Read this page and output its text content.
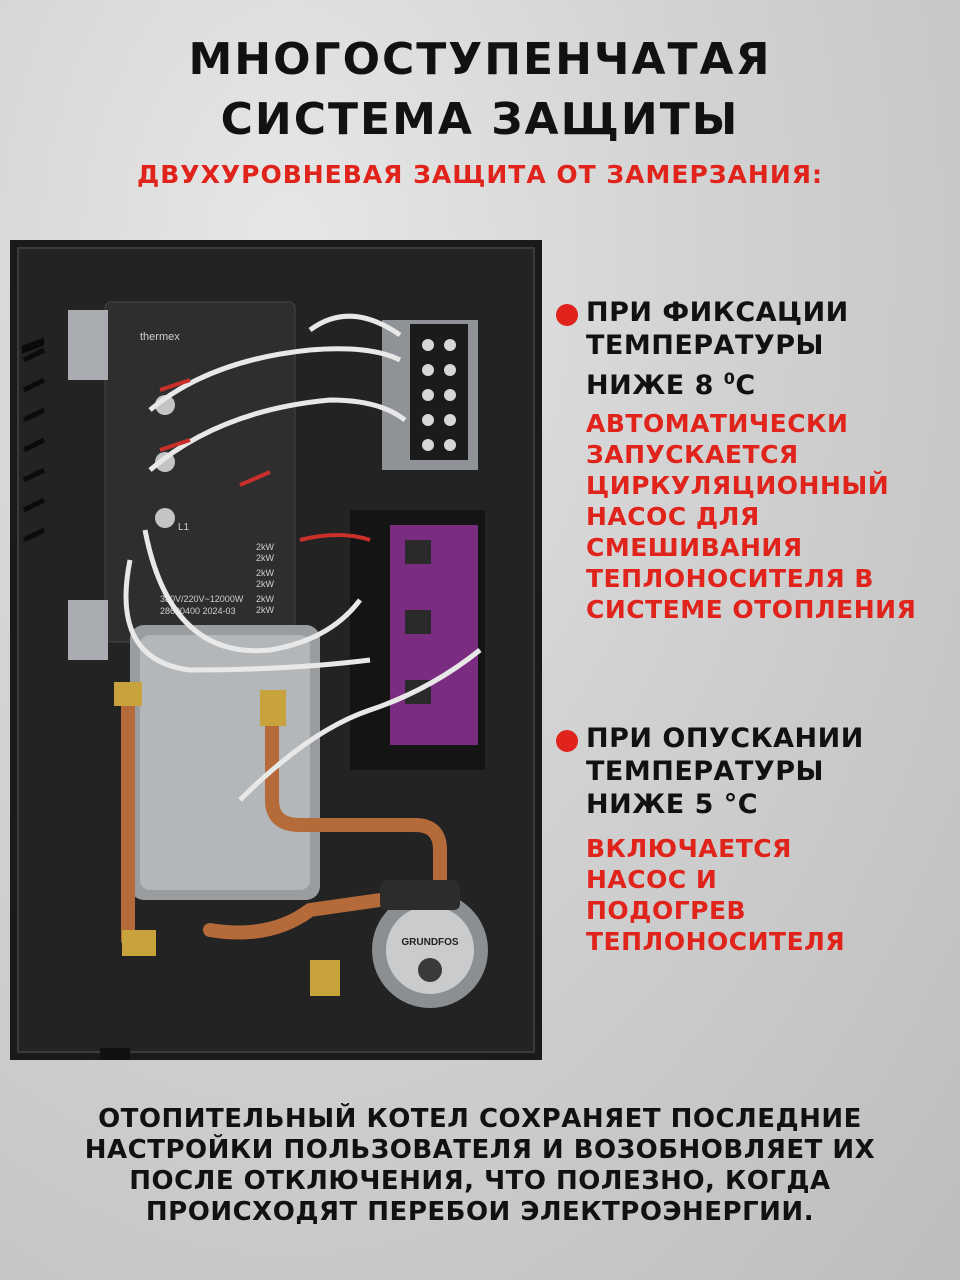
МНОГОСТУПЕНЧАТАЯ
СИСТЕМА ЗАЩИТЫ
ДВУХУРОВНЕВАЯ ЗАЩИТА ОТ ЗАМЕРЗАНИЯ:
GRUNDFOS
thermex
L1
380V/220V~12000W
28600400 2024-03
2kW
2kW
2kW
2kW
2kW
2kW
ПРИ ФИКСАЦИИ
ТЕМПЕРАТУРЫ
НИЖЕ 8 $^0$С
АВТОМАТИЧЕСКИ
ЗАПУСКАЕТСЯ
ЦИРКУЛЯЦИОННЫЙ
НАСОС ДЛЯ
СМЕШИВАНИЯ
ТЕПЛОНОСИТЕЛЯ В
СИСТЕМЕ ОТОПЛЕНИЯ
ПРИ ОПУСКАНИИ
ТЕМПЕРАТУРЫ
НИЖЕ 5 °С
ВКЛЮЧАЕТСЯ
НАСОС И
ПОДОГРЕВ
ТЕПЛОНОСИТЕЛЯ
ОТОПИТЕЛЬНЫЙ КОТЕЛ СОХРАНЯЕТ ПОСЛЕДНИЕ
НАСТРОЙКИ ПОЛЬЗОВАТЕЛЯ И ВОЗОБНОВЛЯЕТ ИХ
ПОСЛЕ ОТКЛЮЧЕНИЯ, ЧТО ПОЛЕЗНО, КОГДА
ПРОИСХОДЯТ ПЕРЕБОИ ЭЛЕКТРОЭНЕРГИИ.
